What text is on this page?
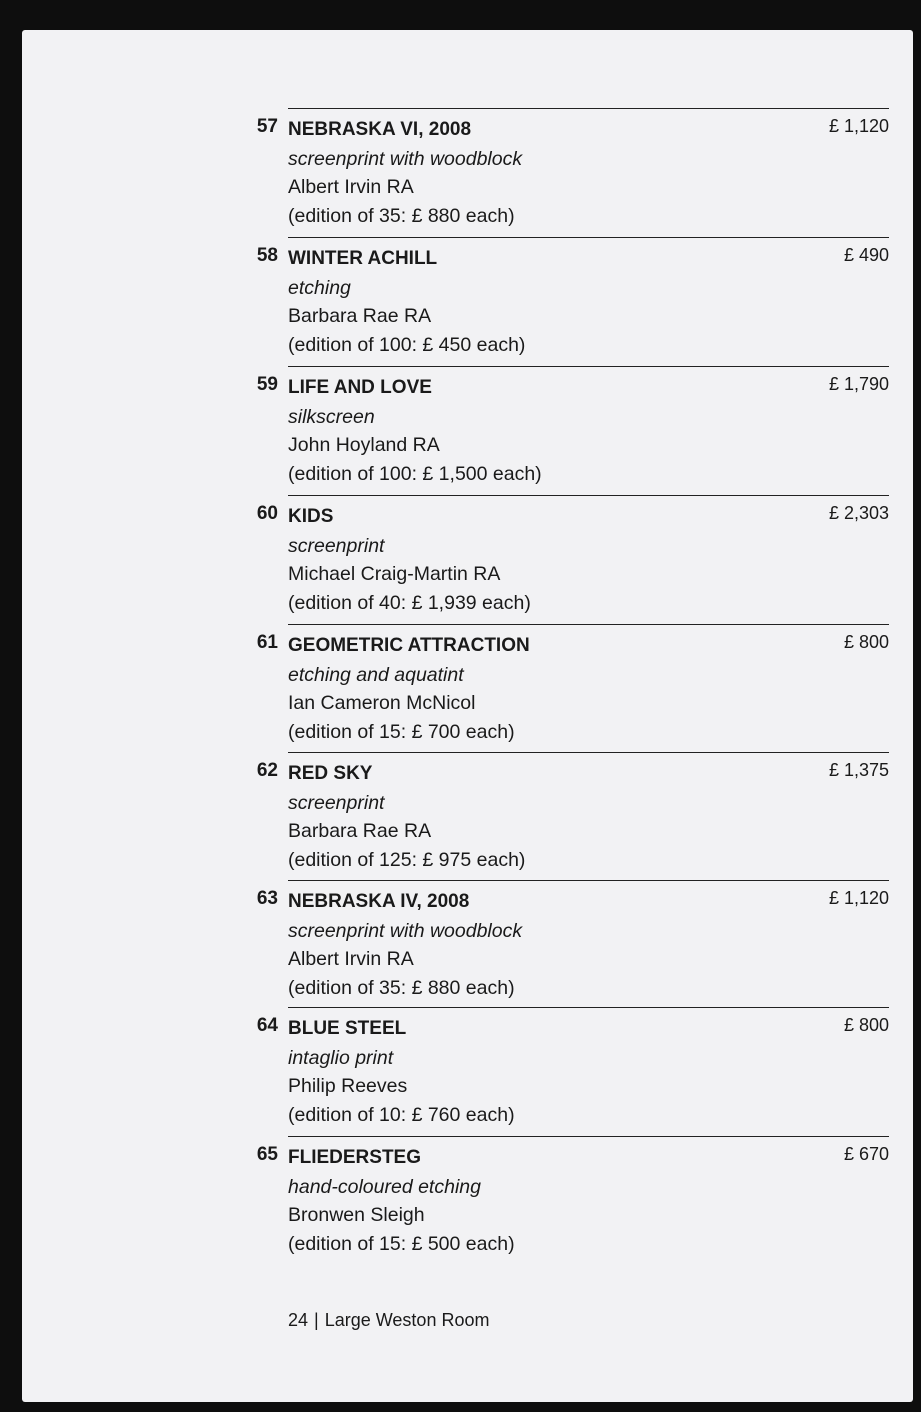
57 NEBRASKA VI, 2008
screenprint with woodblock
Albert Irvin RA
(edition of 35: £ 880 each)
£ 1,120
58 WINTER ACHILL
etching
Barbara Rae RA
(edition of 100: £ 450 each)
£ 490
59 LIFE AND LOVE
silkscreen
John Hoyland RA
(edition of 100: £ 1,500 each)
£ 1,790
60 KIDS
screenprint
Michael Craig-Martin RA
(edition of 40: £ 1,939 each)
£ 2,303
61 GEOMETRIC ATTRACTION
etching and aquatint
Ian Cameron McNicol
(edition of 15: £ 700 each)
£ 800
62 RED SKY
screenprint
Barbara Rae RA
(edition of 125: £ 975 each)
£ 1,375
63 NEBRASKA IV, 2008
screenprint with woodblock
Albert Irvin RA
(edition of 35: £ 880 each)
£ 1,120
64 BLUE STEEL
intaglio print
Philip Reeves
(edition of 10: £ 760 each)
£ 800
65 FLIEDERSTEG
hand-coloured etching
Bronwen Sleigh
(edition of 15: £ 500 each)
£ 670
24 | Large Weston Room
